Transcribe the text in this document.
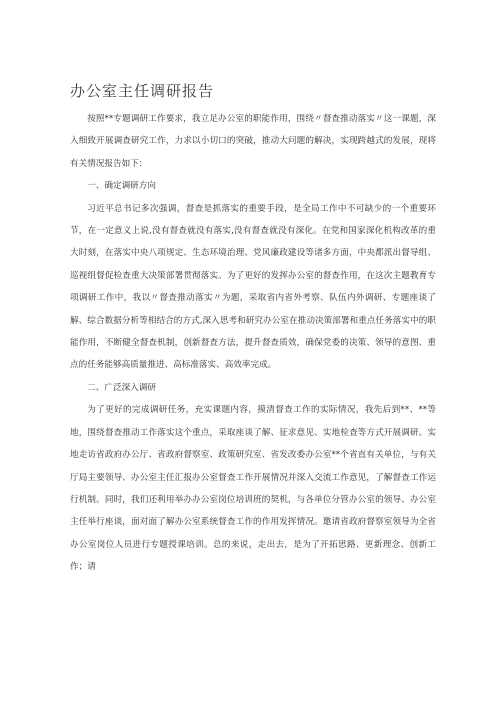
办公室主任调研报告

按照**专题调研工作要求，我立足办公室的职能作用，围绕〃督查推动落实〃这一课题，深入细致开展调查研究工作，力求以小切口的突破，推动大问题的解决，实现跨越式的发展，现将有关情况报告如下：

一、确定调研方向

习近平总书记多次强调，督查是抓落实的重要手段，是全局工作中不可缺少的一个重要环节，在一定意义上说,没有督查就没有落实,没有督查就没有深化。在党和国家深化机构改革的重大时刻，在落实中央八项规定、生态环境治理、党风廉政建设等诸多方面，中央都派出督导组、巡视组督促检查重大决策部署贯彻落实。为了更好的发挥办公室的督查作用，在这次主题教育专项调研工作中，我以〃督查推动落实〃为题，采取省内省外考察、队伍内外调研、专题座谈了解、综合数据分析等相结合的方式,深入思考和研究办公室在推动决策部署和重点任务落实中的职能作用，不断健全督查机制，创新督查方法，提升督查质效，确保党委的决策、领导的意图、重点的任务能够高质量推进、高标准落实、高效率完成。

二、广泛深入调研

为了更好的完成调研任务，充实课题内容，摸清督查工作的实际情况，我先后到**、**等地，围绕督查推动工作落实这个重点，采取座谈了解、征求意见、实地检查等方式开展调研。实地走访省政府办公厅、省政府督察室、政策研究室、省发改委办公室**个省直有关单位，与有关厅局主要领导、办公室主任汇报办公室督查工作开展情况并深入交流工作意见，了解督查工作运行机制。同时，我们还利用举办办公室岗位培训班的契机，与各单位分管办公室的领导、办公室主任举行座谈，面对面了解办公室系统督查工作的作用发挥情况。邀请省政府督察室领导为全省办公室岗位人员进行专题授课培训。总的来说，走出去，是为了开拓思路、更新理念、创新工作；请
